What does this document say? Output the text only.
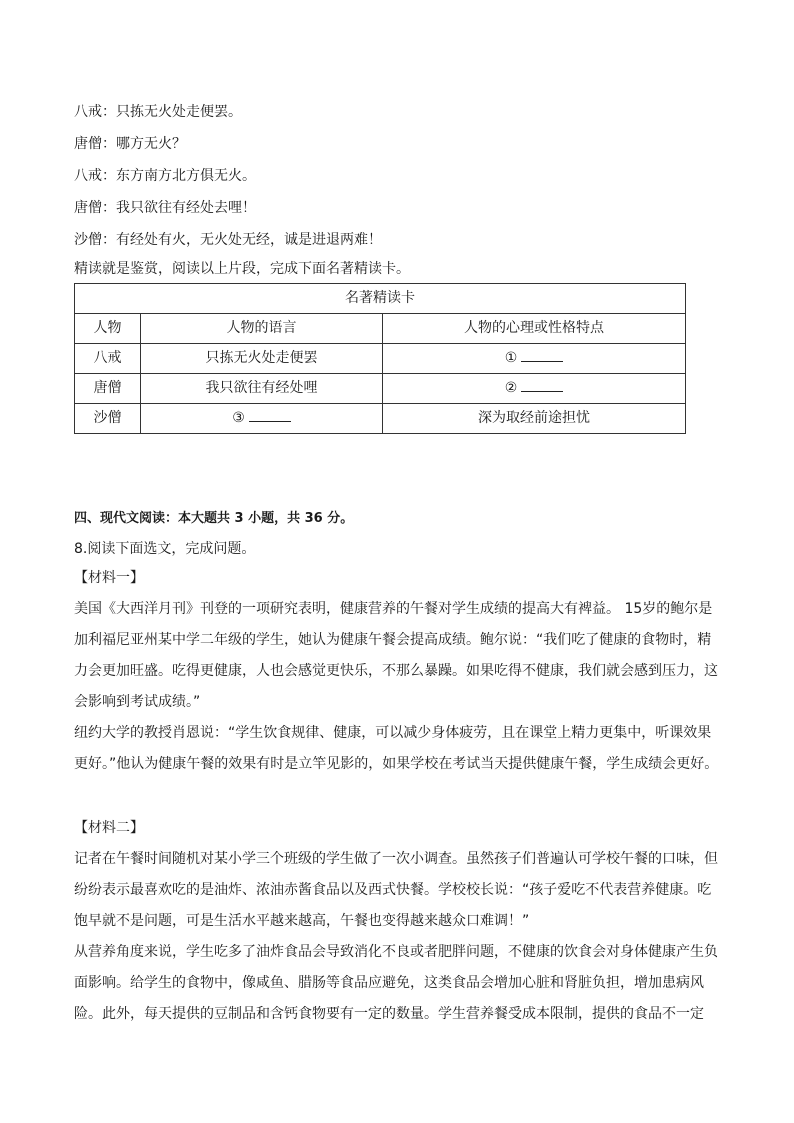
八戒：只拣无火处走便罢。
唐僧：哪方无火？
八戒：东方南方北方俱无火。
唐僧：我只欲往有经处去哩！
沙僧：有经处有火，无火处无经，诚是进退两难！
精读就是鉴赏，阅读以上片段，完成下面名著精读卡。
名著精读卡		
人物	人物的语言	人物的心理或性格特点
八戒	只拣无火处走便罢	①
唐僧	我只欲往有经处哩	②
沙僧	③	深为取经前途担忧
四、现代文阅读：本大题共 3 小题，共 36 分。
8.阅读下面选文，完成问题。
【材料一】
美国《大西洋月刊》刊登的一项研究表明，健康营养的午餐对学生成绩的提高大有裨益。 15岁的鲍尔是加利福尼亚州某中学二年级的学生，她认为健康午餐会提高成绩。鲍尔说：“我们吃了健康的食物时，精力会更加旺盛。吃得更健康，人也会感觉更快乐，不那么暴躁。如果吃得不健康，我们就会感到压力，这会影响到考试成绩。”
纽约大学的教授肖恩说：“学生饮食规律、健康，可以减少身体疲劳，且在课堂上精力更集中，听课效果更好。”他认为健康午餐的效果有时是立竿见影的，如果学校在考试当天提供健康午餐，学生成绩会更好。
【材料二】
记者在午餐时间随机对某小学三个班级的学生做了一次小调查。虽然孩子们普遍认可学校午餐的口味，但纷纷表示最喜欢吃的是油炸、浓油赤酱食品以及西式快餐。学校校长说：“孩子爱吃不代表营养健康。吃饱早就不是问题，可是生活水平越来越高，午餐也变得越来越众口难调！”
从营养角度来说，学生吃多了油炸食品会导致消化不良或者肥胖问题，不健康的饮食会对身体健康产生负面影响。给学生的食物中，像咸鱼、腊肠等食品应避免，这类食品会增加心脏和肾脏负担，增加患病风险。此外，每天提供的豆制品和含钙食物要有一定的数量。学生营养餐受成本限制，提供的食品不一定
